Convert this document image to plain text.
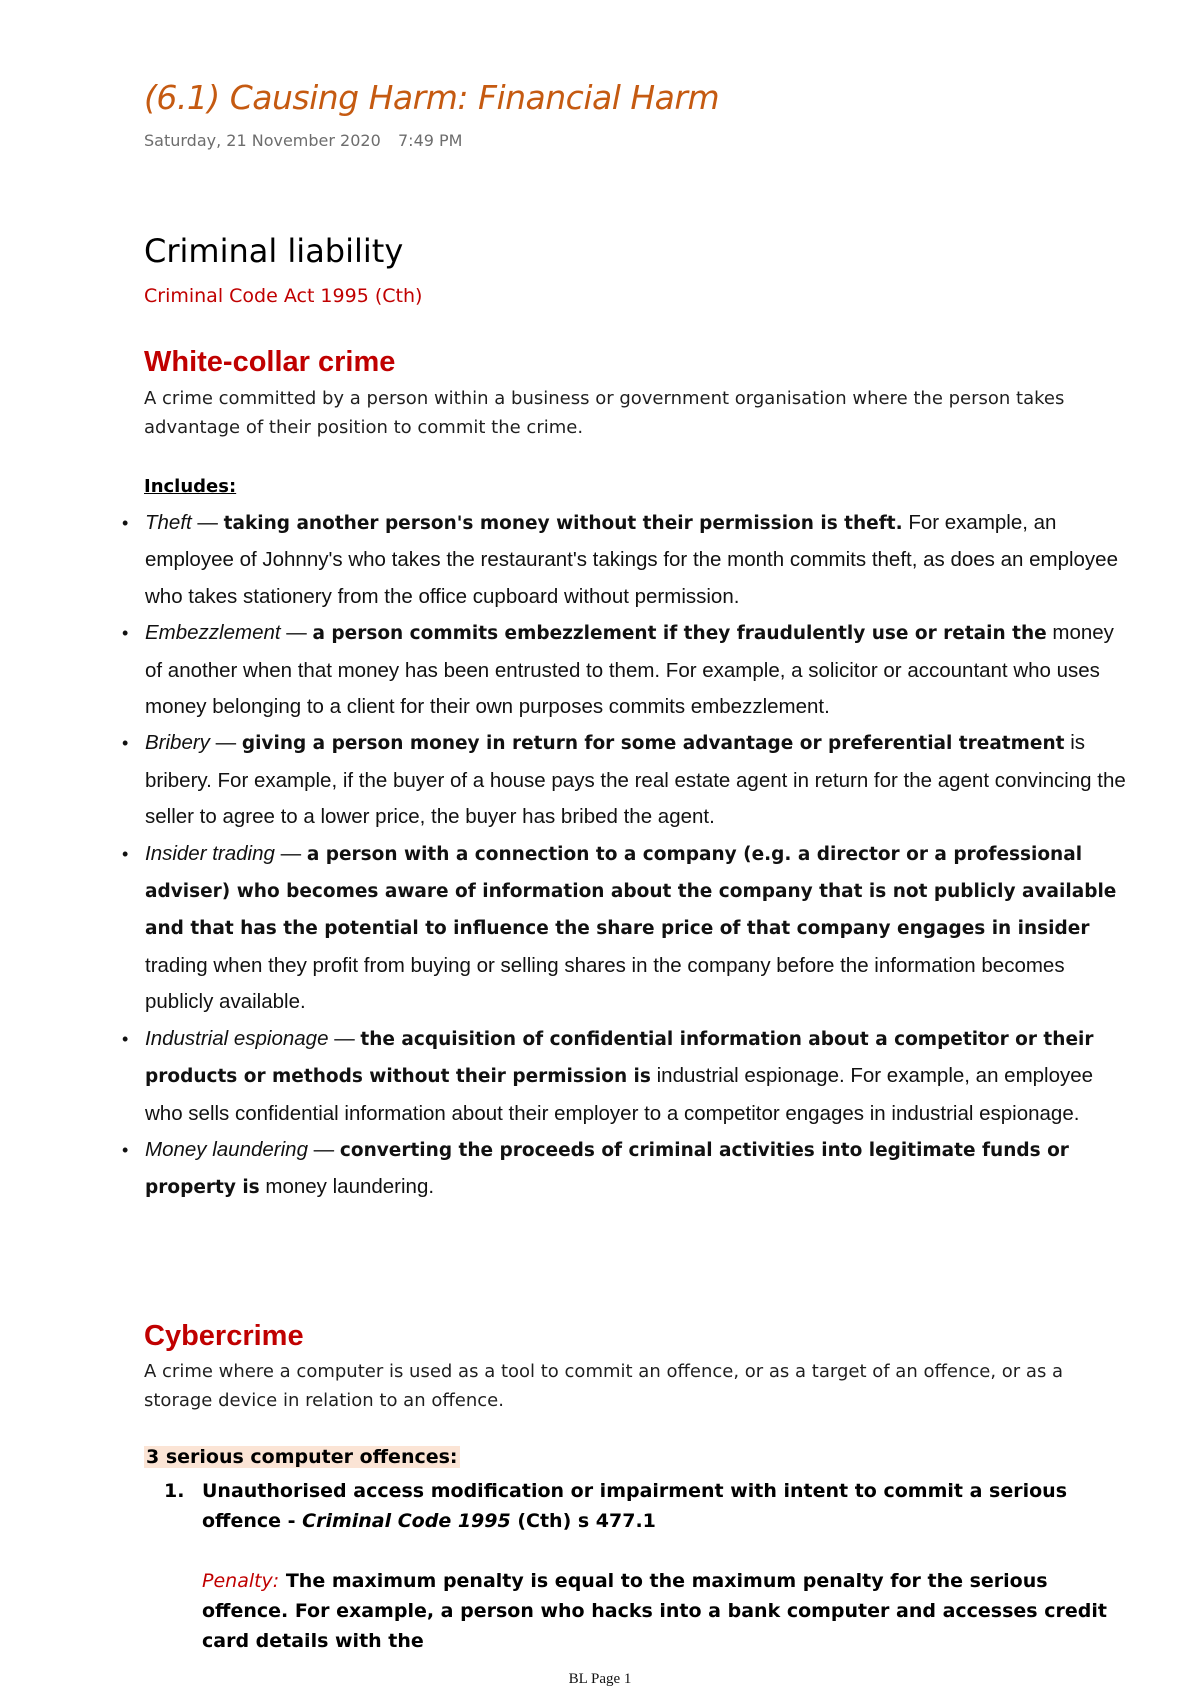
(6.1) Causing Harm: Financial Harm
Saturday, 21 November 2020 7:49 PM
Criminal liability
Criminal Code Act 1995 (Cth)
White-collar crime
A crime committed by a person within a business or government organisation where the person takes advantage of their position to commit the crime.
Includes:
• Theft — taking another person's money without their permission is theft. For example, an employee of Johnny's who takes the restaurant's takings for the month commits theft, as does an employee who takes stationery from the office cupboard without permission.
• Embezzlement — a person commits embezzlement if they fraudulently use or retain the money of another when that money has been entrusted to them. For example, a solicitor or accountant who uses money belonging to a client for their own purposes commits embezzlement.
• Bribery — giving a person money in return for some advantage or preferential treatment is bribery. For example, if the buyer of a house pays the real estate agent in return for the agent convincing the seller to agree to a lower price, the buyer has bribed the agent.
• Insider trading — a person with a connection to a company (e.g. a director or a professional adviser) who becomes aware of information about the company that is not publicly available and that has the potential to influence the share price of that company engages in insider trading when they profit from buying or selling shares in the company before the information becomes publicly available.
• Industrial espionage — the acquisition of confidential information about a competitor or their products or methods without their permission is industrial espionage. For example, an employee who sells confidential information about their employer to a competitor engages in industrial espionage.
• Money laundering — converting the proceeds of criminal activities into legitimate funds or property is money laundering.
Cybercrime
A crime where a computer is used as a tool to commit an offence, or as a target of an offence, or as a storage device in relation to an offence.
3 serious computer offences:
1. Unauthorised access modification or impairment with intent to commit a serious offence - Criminal Code 1995 (Cth) s 477.1
Penalty: The maximum penalty is equal to the maximum penalty for the serious offence. For example, a person who hacks into a bank computer and accesses credit card details with the
BL Page 1
